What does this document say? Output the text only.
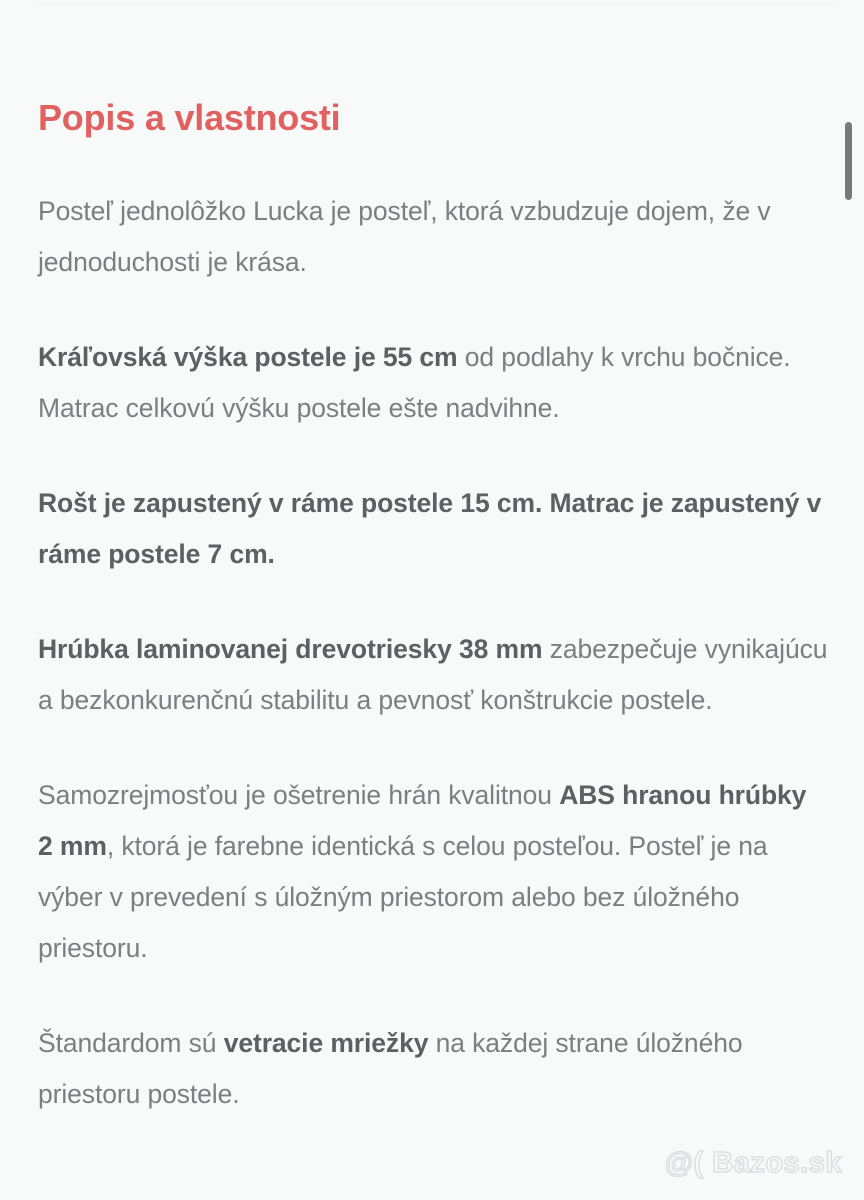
Popis a vlastnosti

Posteľ jednolôžko Lucka je posteľ, ktorá vzbudzuje dojem, že v jednoduchosti je krása.

Kráľovská výška postele je 55 cm od podlahy k vrchu bočnice. Matrac celkovú výšku postele ešte nadvihne.

Rošt je zapustený v ráme postele 15 cm. Matrac je zapustený v ráme postele 7 cm.

Hrúbka laminovanej drevotriesky 38 mm zabezpečuje vynikajúcu a bezkonkurenčnú stabilitu a pevnosť konštrukcie postele.

Samozrejmosťou je ošetrenie hrán kvalitnou ABS hranou hrúbky 2 mm, ktorá je farebne identická s celou posteľou. Posteľ je na výber v prevedení s úložným priestorom alebo bez úložného priestoru.

Štandardom sú vetracie mriežky na každej strane úložného priestoru postele.

@( Bazos.sk
